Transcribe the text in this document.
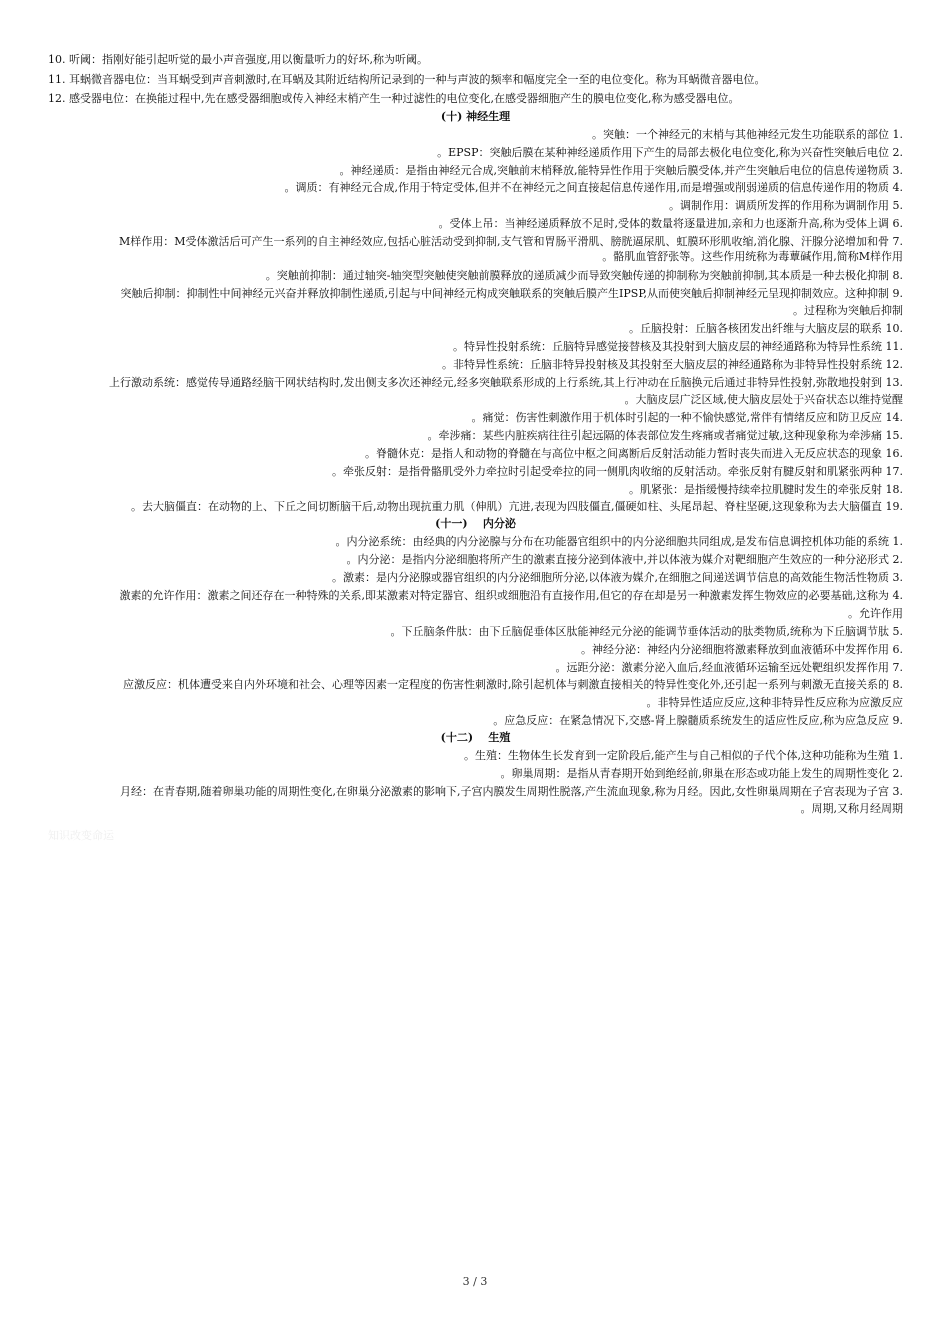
10. 听阈：指刚好能引起听觉的最小声音强度,用以衡量听力的好坏,称为听阈。
11. 耳蜗微音器电位：当耳蜗受到声音刺激时,在耳蜗及其附近结构所记录到的一种与声波的频率和幅度完全一至的电位变化。称为耳蜗微音器电位。
12. 感受器电位：在换能过程中,先在感受器细胞或传入神经末梢产生一种过滤性的电位变化,在感受器细胞产生的膜电位变化,称为感受器电位。
(十) 神经生理
.1 突触：一个神经元的末梢与其他神经元发生功能联系的部位。
.2 EPSP：突触后膜在某种神经递质作用下产生的局部去极化电位变化,称为兴奋性突触后电位。
.3 神经递质：是指由神经元合成,突触前末梢释放,能特异性作用于突触后膜受体,并产生突触后电位的信息传递物质。
.4 调质：有神经元合成,作用于特定受体,但并不在神经元之间直接起信息传递作用,而是增强或削弱递质的信息传递作用的物质。
.5 调制作用：调质所发挥的作用称为调制作用。
.6 受体上吊：当神经递质释放不足时,受体的数量将逐量进加,亲和力也逐渐升高,称为受体上调。
.7 M样作用：M受体激活后可产生一系列的自主神经效应,包括心脏活动受到抑制,支气管和胃肠平滑肌、膀胱逼尿肌、虹膜环形肌收缩,消化腺、汗腺分泌增加和骨
骼肌血管舒张等。这些作用统称为毒蕈碱作用,简称M样作用。
.8 突触前抑制：通过轴突-轴突型突触使突触前膜释放的递质减少而导致突触传递的抑制称为突触前抑制,其本质是一种去极化抑制。
.9 突触后抑制：抑制性中间神经元兴奋并释放抑制性递质,引起与中间神经元构成突触联系的突触后膜产生IPSP,从而使突触后抑制神经元呈现抑制效应。这种抑制
过程称为突触后抑制。
.10 丘脑投射：丘脑各核团发出纤维与大脑皮层的联系。
.11 特异性投射系统：丘脑特异感觉接替核及其投射到大脑皮层的神经通路称为特异性系统。
.12 非特异性系统：丘脑非特异投射核及其投射至大脑皮层的神经通路称为非特异性投射系统。
.13 上行激动系统：感觉传导通路经脑干网状结构时,发出侧支多次还神经元,经多突触联系形成的上行系统,其上行冲动在丘脑换元后通过非特异性投射,弥散地投射到
大脑皮层广泛区域,使大脑皮层处于兴奋状态以维持觉醒。
.14 痛觉：伤害性刺激作用于机体时引起的一种不愉快感觉,常伴有情绪反应和防卫反应。
.15 牵涉痛：某些内脏疾病往往引起远隔的体表部位发生疼痛或者痛觉过敏,这种现象称为牵涉痛。
.16 脊髓休克：是指人和动物的脊髓在与高位中枢之间离断后反射活动能力暂时丧失而进入无反应状态的现象。
.17 牵张反射：是指骨骼肌受外力牵拉时引起受牵拉的同一侧肌肉收缩的反射活动。牵张反射有腱反射和肌紧张两种。
.18 肌紧张：是指缓慢持续牵拉肌腱时发生的牵张反射。
.19 去大脑僵直：在动物的上、下丘之间切断脑干后,动物出现抗重力肌（伸肌）亢进,表现为四肢僵直,僵硬如柱、头尾昂起、脊柱坚硬,这现象称为去大脑僵直。
(十一)    内分泌
.1 内分泌系统：由经典的内分泌腺与分布在功能器官组织中的内分泌细胞共同组成,是发布信息调控机体功能的系统。
.2 内分泌：是指内分泌细胞将所产生的激素直接分泌到体液中,并以体液为媒介对靶细胞产生效应的一种分泌形式。
.3 激素：是内分泌腺或器官组织的内分泌细胞所分泌,以体液为媒介,在细胞之间递送调节信息的高效能生物活性物质。
.4 激素的允许作用：激素之间还存在一种特殊的关系,即某激素对特定器官、组织或细胞沿有直接作用,但它的存在却是另一种激素发挥生物效应的必要基础,这称为
允许作用。
.5 下丘脑条件肽：由下丘脑促垂体区肽能神经元分泌的能调节垂体活动的肽类物质,统称为下丘脑调节肽。
.6 神经分泌：神经内分泌细胞将激素释放到血液循环中发挥作用。
.7 远距分泌：激素分泌入血后,经血液循环运输至远处靶组织发挥作用。
.8 应激反应：机体遭受来自内外环境和社会、心理等因素一定程度的伤害性刺激时,除引起机体与刺激直接相关的特异性变化外,还引起一系列与刺激无直接关系的
非特异性适应反应,这种非特异性反应称为应激反应。
.9 应急反应：在紧急情况下,交感-肾上腺髓质系统发生的适应性反应,称为应急反应。
(十二)    生殖
.1 生殖：生物体生长发育到一定阶段后,能产生与自己相似的子代个体,这种功能称为生殖。
.2 卵巢周期：是指从青春期开始到绝经前,卵巢在形态或功能上发生的周期性变化。
.3 月经：在青春期,随着卵巢功能的周期性变化,在卵巢分泌激素的影响下,子宫内膜发生周期性脱落,产生流血现象,称为月经。因此,女性卵巢周期在子宫表现为子宫
周期,又称月经周期。
知识改变命运
3 / 3
